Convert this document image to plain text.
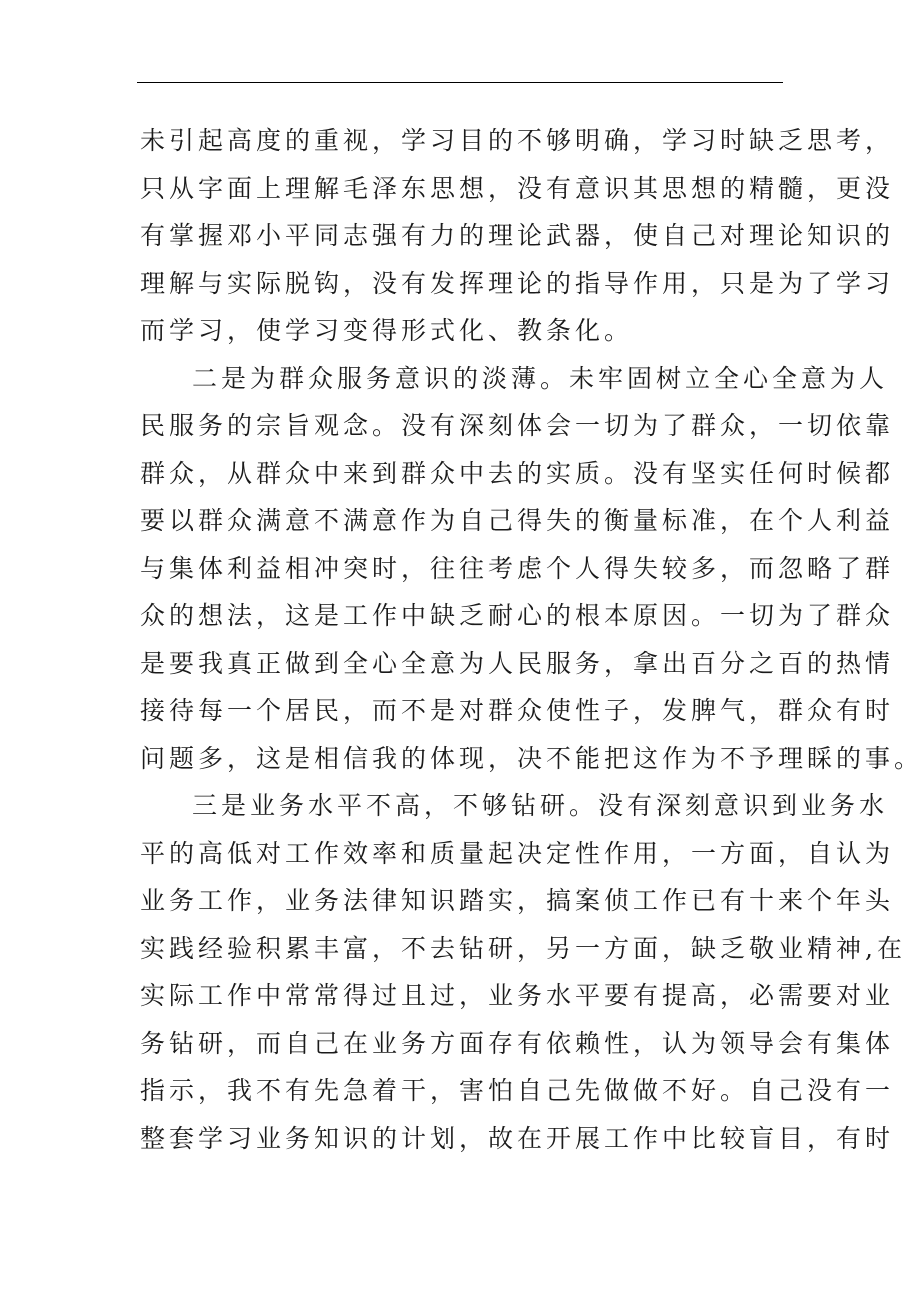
未引起高度的重视，学习目的不够明确，学习时缺乏思考，
只从字面上理解毛泽东思想，没有意识其思想的精髓，更没
有掌握邓小平同志强有力的理论武器，使自己对理论知识的
理解与实际脱钩，没有发挥理论的指导作用，只是为了学习
而学习，使学习变得形式化、教条化。

二是为群众服务意识的淡薄。未牢固树立全心全意为人
民服务的宗旨观念。没有深刻体会一切为了群众，一切依靠
群众，从群众中来到群众中去的实质。没有坚实任何时候都
要以群众满意不满意作为自己得失的衡量标准，在个人利益
与集体利益相冲突时，往往考虑个人得失较多，而忽略了群
众的想法，这是工作中缺乏耐心的根本原因。一切为了群众
是要我真正做到全心全意为人民服务，拿出百分之百的热情
接待每一个居民，而不是对群众使性子，发脾气，群众有时
问题多，这是相信我的体现，决不能把这作为不予理睬的事。

三是业务水平不高，不够钻研。没有深刻意识到业务水
平的高低对工作效率和质量起决定性作用，一方面，自认为
业务工作，业务法律知识踏实，搞案侦工作已有十来个年头
实践经验积累丰富，不去钻研，另一方面，缺乏敬业精神,在
实际工作中常常得过且过，业务水平要有提高，必需要对业
务钻研，而自己在业务方面存有依赖性，认为领导会有集体
指示，我不有先急着干，害怕自己先做做不好。自己没有一
整套学习业务知识的计划，故在开展工作中比较盲目，有时
